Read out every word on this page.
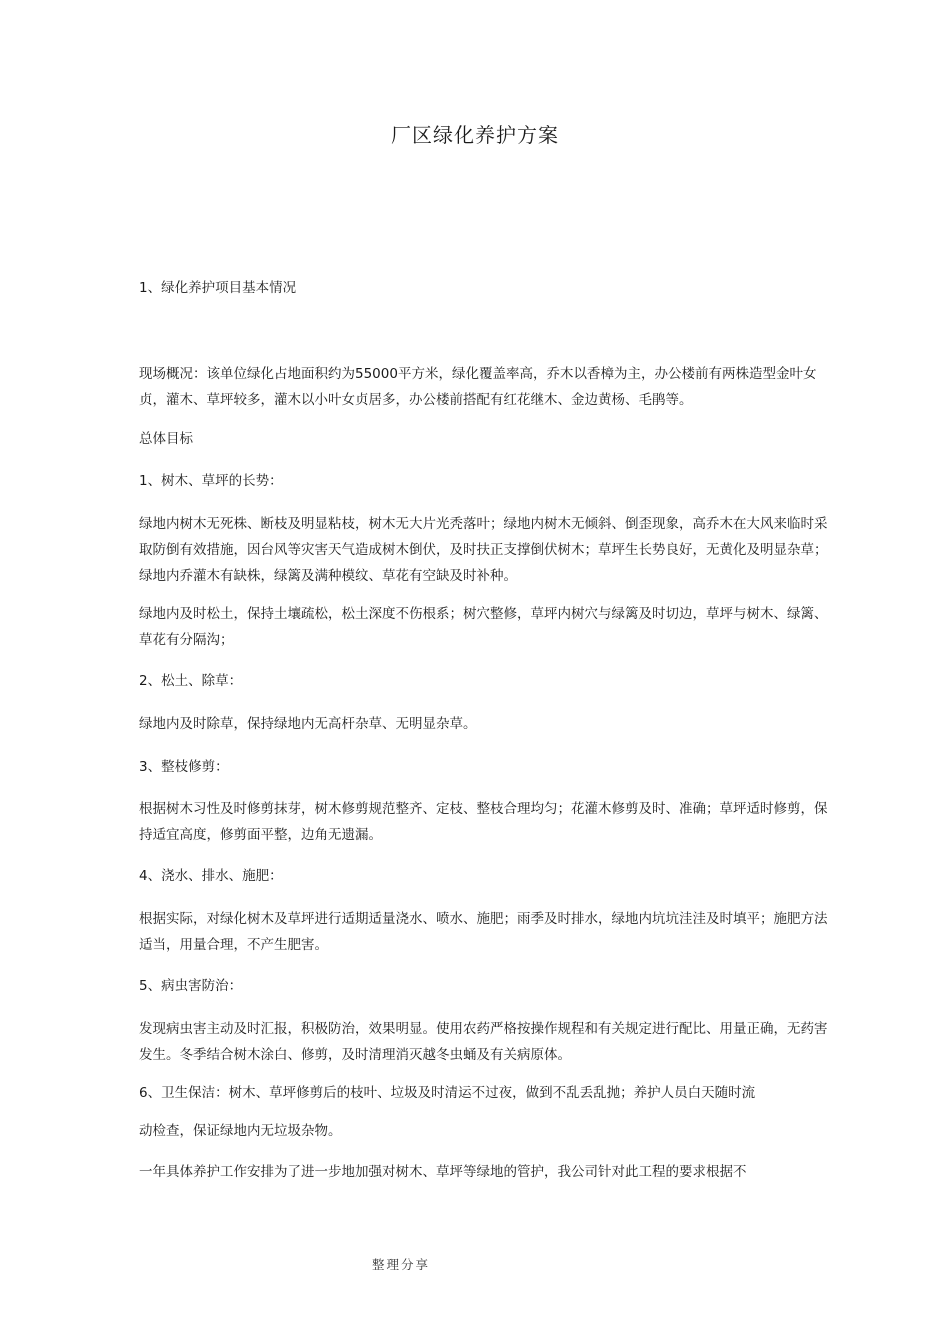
厂区绿化养护方案

1、绿化养护项目基本情况

现场概况：该单位绿化占地面积约为55000平方米，绿化覆盖率高，乔木以香樟为主，办公楼前有两株造型金叶女贞，灌木、草坪较多，灌木以小叶女贞居多，办公楼前搭配有红花继木、金边黄杨、毛鹃等。

总体目标

1、树木、草坪的长势：

绿地内树木无死株、断枝及明显粘枝，树木无大片光秃落叶；绿地内树木无倾斜、倒歪现象，高乔木在大风来临时采取防倒有效措施，因台风等灾害天气造成树木倒伏，及时扶正支撑倒伏树木；草坪生长势良好，无黄化及明显杂草；绿地内乔灌木有缺株，绿篱及满种模纹、草花有空缺及时补种。

绿地内及时松土，保持土壤疏松，松土深度不伤根系；树穴整修，草坪内树穴与绿篱及时切边，草坪与树木、绿篱、草花有分隔沟；

2、松土、除草：

绿地内及时除草，保持绿地内无高杆杂草、无明显杂草。

3、整枝修剪：

根据树木习性及时修剪抹芽，树木修剪规范整齐、定枝、整枝合理均匀；花灌木修剪及时、准确；草坪适时修剪，保持适宜高度，修剪面平整，边角无遗漏。

4、浇水、排水、施肥：

根据实际，对绿化树木及草坪进行适期适量浇水、喷水、施肥；雨季及时排水，绿地内坑坑洼洼及时填平；施肥方法适当，用量合理，不产生肥害。

5、病虫害防治：

发现病虫害主动及时汇报，积极防治，效果明显。使用农药严格按操作规程和有关规定进行配比、用量正确，无药害发生。冬季结合树木涂白、修剪，及时清理消灭越冬虫蛹及有关病原体。

6、卫生保洁：树木、草坪修剪后的枝叶、垃圾及时清运不过夜，做到不乱丢乱抛；养护人员白天随时流

动检查，保证绿地内无垃圾杂物。

一年具体养护工作安排为了进一步地加强对树木、草坪等绿地的管护，我公司针对此工程的要求根据不

整理分享
